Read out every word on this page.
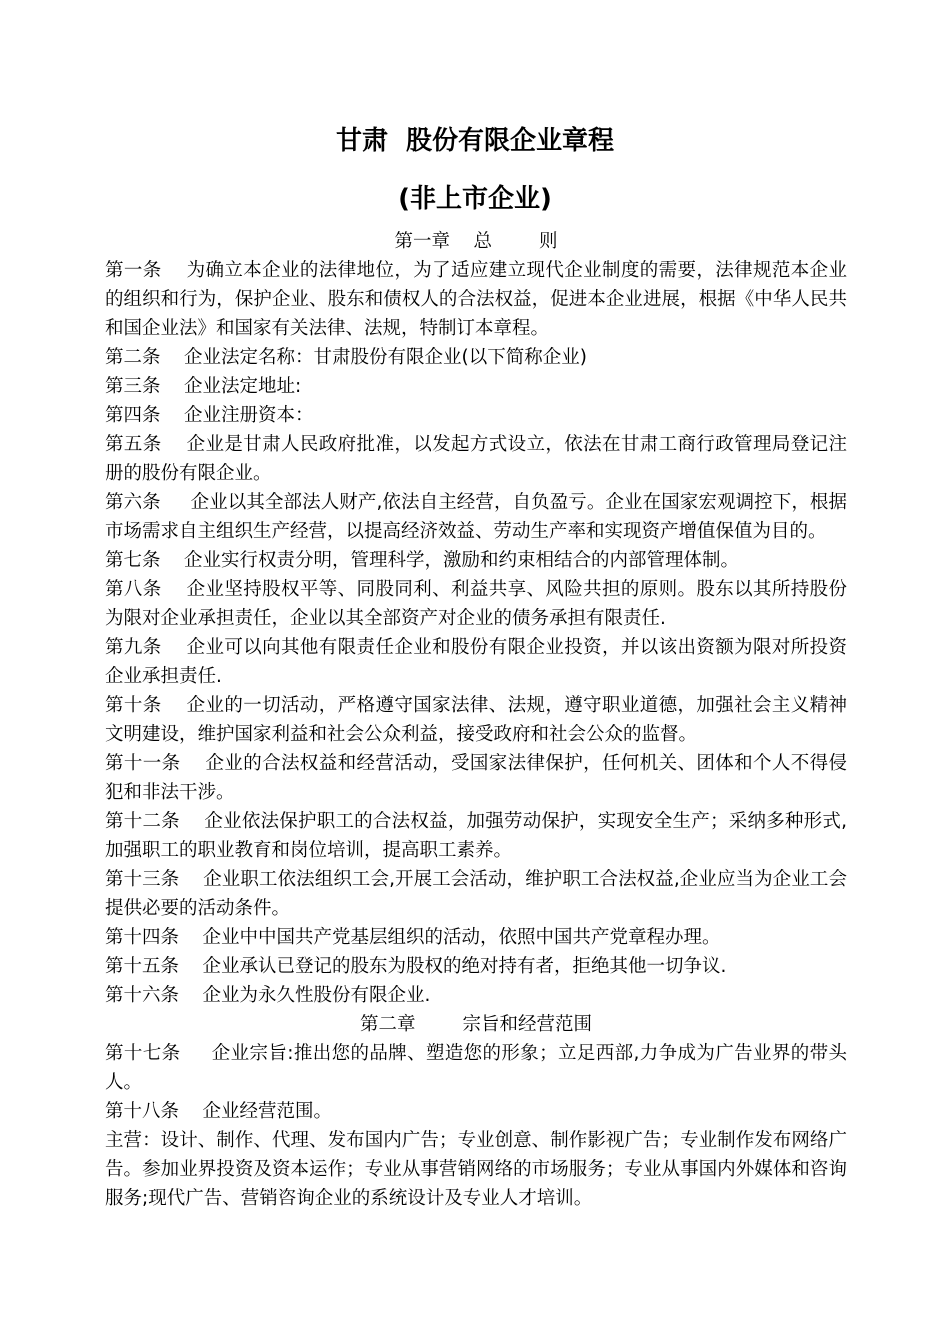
甘肃  股份有限企业章程
(非上市企业)
第一章    总        则
第一条 为确立本企业的法律地位，为了适应建立现代企业制度的需要，法律规范本企业的组织和行为，保护企业、股东和债权人的合法权益，促进本企业进展，根据《中华人民共和国企业法》和国家有关法律、法规，特制订本章程。
第二条 企业法定名称：甘肃股份有限企业(以下简称企业)
第三条 企业法定地址:
第四条 企业注册资本：
第五条 企业是甘肃人民政府批准，以发起方式设立，依法在甘肃工商行政管理局登记注册的股份有限企业。
第六条     企业以其全部法人财产,依法自主经营，自负盈亏。企业在国家宏观调控下，根据市场需求自主组织生产经营，以提高经济效益、劳动生产率和实现资产增值保值为目的。
第七条 企业实行权责分明，管理科学，激励和约束相结合的内部管理体制。
第八条 企业坚持股权平等、同股同利、利益共享、风险共担的原则。股东以其所持股份为限对企业承担责任，企业以其全部资产对企业的债务承担有限责任.
第九条 企业可以向其他有限责任企业和股份有限企业投资，并以该出资额为限对所投资企业承担责任.
第十条 企业的一切活动，严格遵守国家法律、法规，遵守职业道德，加强社会主义精神文明建设，维护国家利益和社会公众利益，接受政府和社会公众的监督。
第十一条 企业的合法权益和经营活动，受国家法律保护，任何机关、团体和个人不得侵犯和非法干涉。
第十二条 企业依法保护职工的合法权益，加强劳动保护，实现安全生产；采纳多种形式,加强职工的职业教育和岗位培训，提高职工素养。
第十三条 企业职工依法组织工会,开展工会活动，维护职工合法权益,企业应当为企业工会提供必要的活动条件。
第十四条 企业中中国共产党基层组织的活动，依照中国共产党章程办理。
第十五条 企业承认已登记的股东为股权的绝对持有者，拒绝其他一切争议.
第十六条 企业为永久性股份有限企业.
第二章        宗旨和经营范围
第十七条     企业宗旨:推出您的品牌、塑造您的形象；立足西部,力争成为广告业界的带头人。
第十八条 企业经营范围。
主营：设计、制作、代理、发布国内广告；专业创意、制作影视广告；专业制作发布网络广告。参加业界投资及资本运作；专业从事营销网络的市场服务；专业从事国内外媒体和咨询服务;现代广告、营销咨询企业的系统设计及专业人才培训。
